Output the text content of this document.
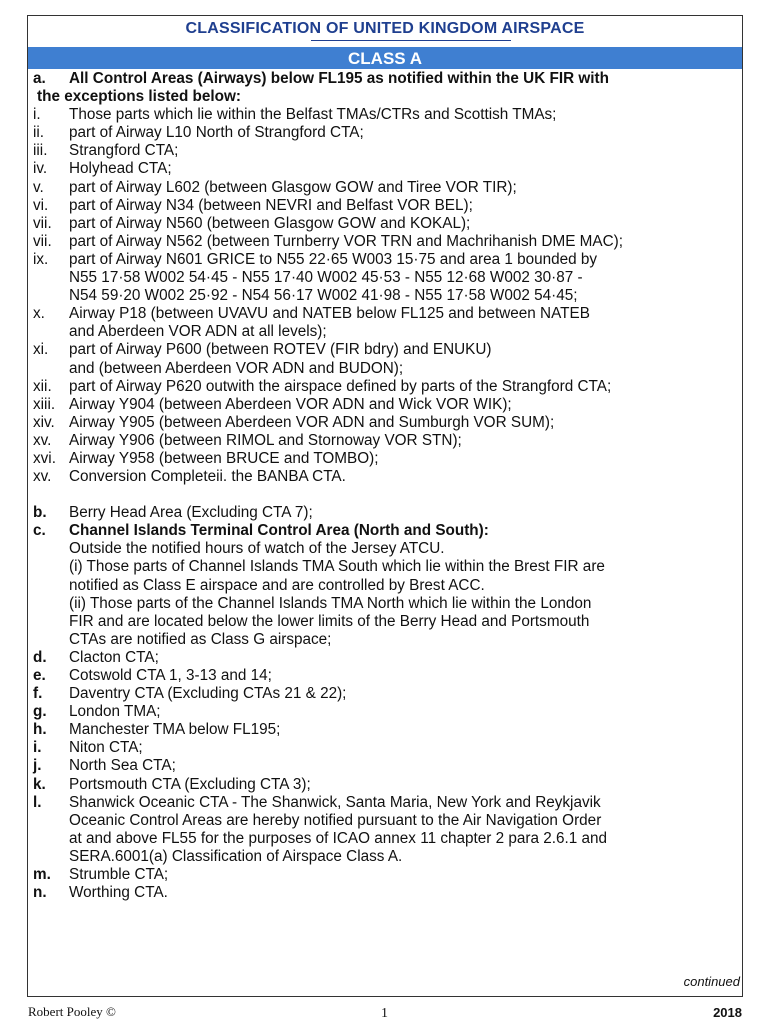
CLASSIFICATION OF UNITED KINGDOM AIRSPACE
CLASS A
a.	All Control Areas (Airways) below FL195 as notified within the UK FIR with
the exceptions listed below:
i.	Those parts which lie within the Belfast TMAs/CTRs and Scottish TMAs;
ii.	part of Airway L10 North of Strangford CTA;
iii.	Strangford CTA;
iv.	Holyhead CTA;
v.	part of Airway L602 (between Glasgow GOW and Tiree VOR TIR);
vi.	part of Airway N34 (between NEVRI and Belfast VOR BEL);
vii.	part of Airway N560 (between Glasgow GOW and KOKAL);
vii.	part of Airway N562 (between Turnberry VOR TRN and Machrihanish DME MAC);
ix.	part of Airway N601 GRICE to N55 22·65 W003 15·75 and area 1 bounded by
N55 17·58 W002 54·45 - N55 17·40 W002 45·53 - N55 12·68 W002 30·87 -
N54 59·20 W002 25·92 - N54 56·17 W002 41·98 - N55 17·58 W002 54·45;
x.	Airway P18 (between UVAVU and NATEB below FL125 and between NATEB
and Aberdeen VOR ADN at all levels);
xi.	part of Airway P600 (between ROTEV (FIR bdry) and ENUKU)
and (between Aberdeen VOR ADN and BUDON);
xii.	part of Airway P620 outwith the airspace defined by parts of the Strangford CTA;
xiii. Airway Y904 (between Aberdeen VOR ADN and Wick VOR WIK);
xiv. Airway Y905 (between Aberdeen VOR ADN and Sumburgh VOR SUM);
xv.	Airway Y906 (between RIMOL and Stornoway VOR STN);
xvi. Airway Y958 (between BRUCE and TOMBO);
xv.	Conversion Completeii. the BANBA CTA.
b.	Berry Head Area (Excluding CTA 7);
c.	Channel Islands Terminal Control Area (North and South):
Outside the notified hours of watch of the Jersey ATCU.
(i) Those parts of Channel Islands TMA South which lie within the Brest FIR are
notified as Class E airspace and are controlled by Brest ACC.
(ii) Those parts of the Channel Islands TMA North which lie within the London
FIR and are located below the lower limits of the Berry Head and Portsmouth
CTAs are notified as Class G airspace;
d.	Clacton CTA;
e.	Cotswold CTA 1, 3-13 and 14;
f.	Daventry CTA (Excluding CTAs 21 & 22);
g.	London TMA;
h.	Manchester TMA below FL195;
i.	Niton CTA;
j.	North Sea CTA;
k.	Portsmouth CTA (Excluding CTA 3);
l.	Shanwick Oceanic CTA - The Shanwick, Santa Maria, New York and Reykjavik
Oceanic Control Areas are hereby notified pursuant to the Air Navigation Order
at and above FL55 for the purposes of ICAO annex 11 chapter 2 para 2.6.1 and
SERA.6001(a) Classification of Airspace Class A.
m.	Strumble CTA;
n.	Worthing CTA.
continued
Robert Pooley ©	1	2018
